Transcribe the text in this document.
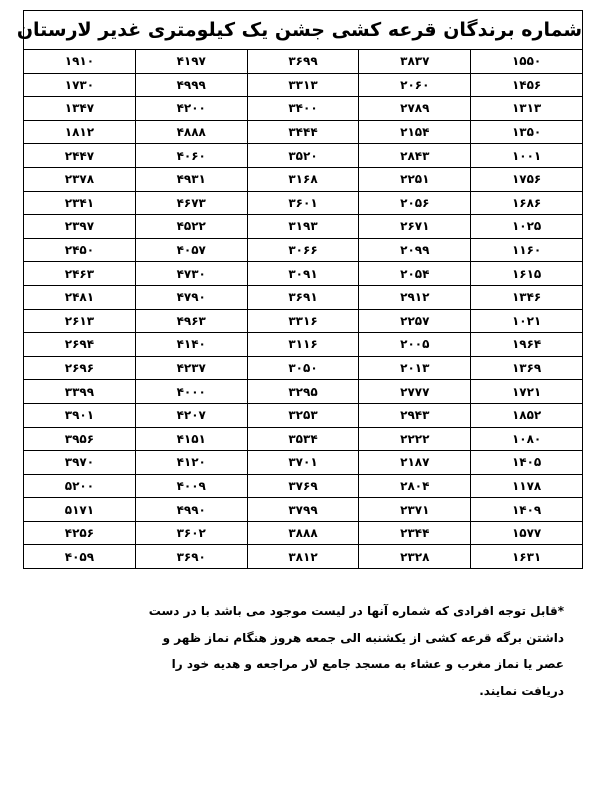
شماره برندگان قرعه کشی جشن یک کیلومتری غدیر لارستان				
۱۵۵۰	۳۸۳۷	۳۶۹۹	۴۱۹۷	۱۹۱۰
۱۴۵۶	۲۰۶۰	۳۳۱۳	۴۹۹۹	۱۷۳۰
۱۳۱۳	۲۷۸۹	۳۴۰۰	۴۲۰۰	۱۳۴۷
۱۳۵۰	۲۱۵۴	۳۴۴۴	۴۸۸۸	۱۸۱۲
۱۰۰۱	۲۸۴۳	۳۵۲۰	۴۰۶۰	۲۴۴۷
۱۷۵۶	۲۲۵۱	۳۱۶۸	۴۹۳۱	۲۳۷۸
۱۶۸۶	۲۰۵۶	۳۶۰۱	۴۶۷۳	۲۳۴۱
۱۰۲۵	۲۶۷۱	۳۱۹۳	۴۵۲۲	۲۳۹۷
۱۱۶۰	۲۰۹۹	۳۰۶۶	۴۰۵۷	۲۴۵۰
۱۶۱۵	۲۰۵۴	۳۰۹۱	۴۷۳۰	۲۴۶۳
۱۳۴۶	۲۹۱۲	۳۶۹۱	۴۷۹۰	۲۴۸۱
۱۰۲۱	۲۲۵۷	۳۳۱۶	۴۹۶۳	۲۶۱۳
۱۹۶۴	۲۰۰۵	۳۱۱۶	۴۱۴۰	۲۶۹۴
۱۳۶۹	۲۰۱۳	۳۰۵۰	۴۲۳۷	۲۶۹۶
۱۷۲۱	۲۷۷۷	۳۲۹۵	۴۰۰۰	۳۳۹۹
۱۸۵۲	۲۹۴۳	۳۲۵۳	۴۲۰۷	۳۹۰۱
۱۰۸۰	۲۲۲۲	۳۵۳۴	۴۱۵۱	۳۹۵۶
۱۴۰۵	۲۱۸۷	۳۷۰۱	۴۱۲۰	۳۹۷۰
۱۱۷۸	۲۸۰۴	۳۷۶۹	۴۰۰۹	۵۲۰۰
۱۴۰۹	۲۳۷۱	۳۷۹۹	۴۹۹۰	۵۱۷۱
۱۵۷۷	۲۳۴۴	۳۸۸۸	۳۶۰۲	۴۲۵۶
۱۶۳۱	۲۳۲۸	۳۸۱۲	۳۶۹۰	۴۰۵۹
*قابل توجه افرادی که شماره آنها در لیست موجود می باشد با در دست
داشتن برگه قرعه کشی از یکشنبه الی جمعه هروز هنگام نماز ظهر و
عصر یا نماز مغرب و عشاء به مسجد جامع لار مراجعه و هدیه خود را
دریافت نمایند.
